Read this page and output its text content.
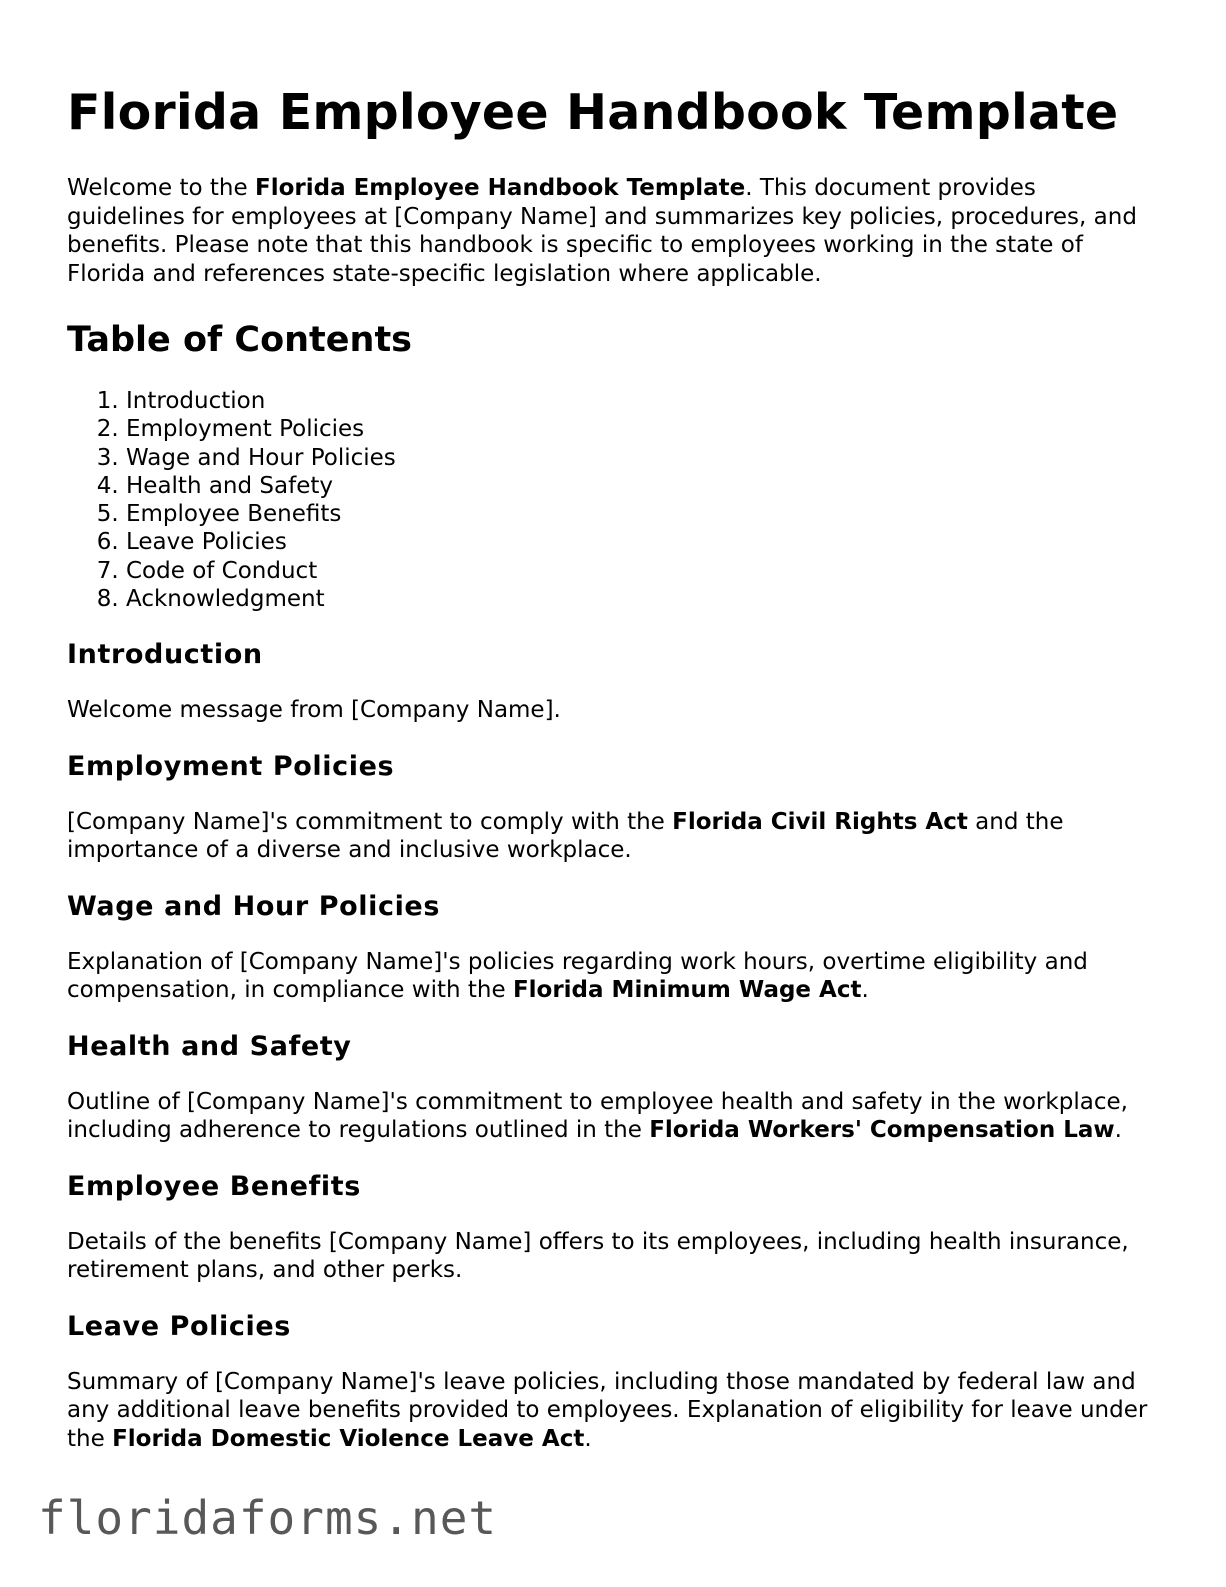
Florida Employee Handbook Template

Welcome to the Florida Employee Handbook Template. This document provides guidelines for employees at [Company Name] and summarizes key policies, procedures, and benefits. Please note that this handbook is specific to employees working in the state of Florida and references state-specific legislation where applicable.

Table of Contents
1. Introduction
2. Employment Policies
3. Wage and Hour Policies
4. Health and Safety
5. Employee Benefits
6. Leave Policies
7. Code of Conduct
8. Acknowledgment
Introduction

Welcome message from [Company Name].

Employment Policies

[Company Name]'s commitment to comply with the Florida Civil Rights Act and the importance of a diverse and inclusive workplace.

Wage and Hour Policies

Explanation of [Company Name]'s policies regarding work hours, overtime eligibility and compensation, in compliance with the Florida Minimum Wage Act.

Health and Safety

Outline of [Company Name]'s commitment to employee health and safety in the workplace, including adherence to regulations outlined in the Florida Workers' Compensation Law.

Employee Benefits

Details of the benefits [Company Name] offers to its employees, including health insurance, retirement plans, and other perks.

Leave Policies

Summary of [Company Name]'s leave policies, including those mandated by federal law and any additional leave benefits provided to employees. Explanation of eligibility for leave under the Florida Domestic Violence Leave Act.

floridaforms.net
